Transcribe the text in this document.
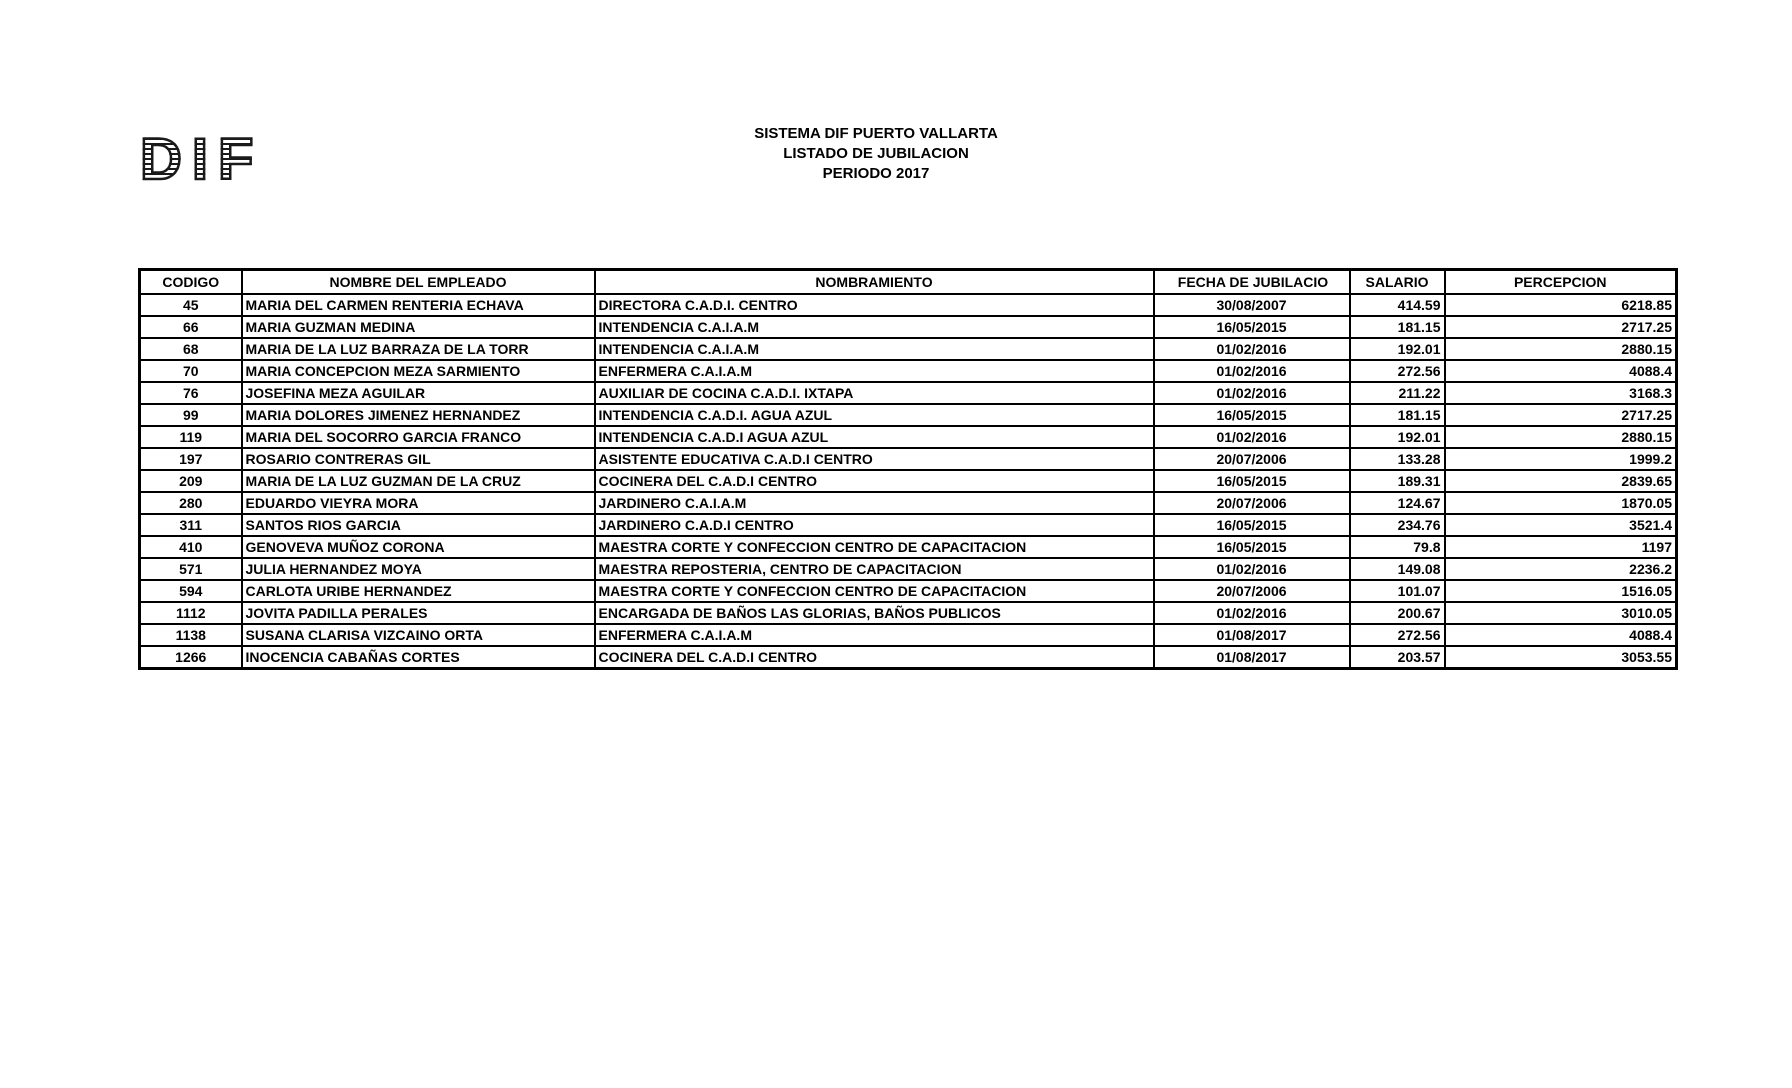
DIF	SISTEMA DIF PUERTO VALLARTA
LISTADO DE JUBILACION
PERIODO 2017
CODIGO	NOMBRE DEL EMPLEADO	NOMBRAMIENTO	FECHA DE JUBILACIO	SALARIO	PERCEPCION
45	MARIA DEL CARMEN RENTERIA ECHAVA	DIRECTORA C.A.D.I. CENTRO	30/08/2007	414.59	6218.85
66	MARIA GUZMAN MEDINA	INTENDENCIA C.A.I.A.M	16/05/2015	181.15	2717.25
68	MARIA DE LA LUZ BARRAZA DE LA TORR	INTENDENCIA C.A.I.A.M	01/02/2016	192.01	2880.15
70	MARIA CONCEPCION MEZA SARMIENTO	ENFERMERA C.A.I.A.M	01/02/2016	272.56	4088.4
76	JOSEFINA MEZA AGUILAR	AUXILIAR DE COCINA C.A.D.I. IXTAPA	01/02/2016	211.22	3168.3
99	MARIA DOLORES JIMENEZ HERNANDEZ	INTENDENCIA C.A.D.I. AGUA AZUL	16/05/2015	181.15	2717.25
119	MARIA DEL SOCORRO GARCIA FRANCO	INTENDENCIA C.A.D.I AGUA AZUL	01/02/2016	192.01	2880.15
197	ROSARIO CONTRERAS GIL	ASISTENTE EDUCATIVA C.A.D.I CENTRO	20/07/2006	133.28	1999.2
209	MARIA DE LA LUZ GUZMAN DE LA CRUZ	COCINERA DEL C.A.D.I CENTRO	16/05/2015	189.31	2839.65
280	EDUARDO VIEYRA MORA	JARDINERO C.A.I.A.M	20/07/2006	124.67	1870.05
311	SANTOS RIOS GARCIA	JARDINERO C.A.D.I CENTRO	16/05/2015	234.76	3521.4
410	GENOVEVA MUÑOZ CORONA	MAESTRA CORTE Y CONFECCION CENTRO DE CAPACITACION	16/05/2015	79.8	1197
571	JULIA HERNANDEZ MOYA	MAESTRA REPOSTERIA, CENTRO DE CAPACITACION	01/02/2016	149.08	2236.2
594	CARLOTA URIBE HERNANDEZ	MAESTRA CORTE Y CONFECCION CENTRO DE CAPACITACION	20/07/2006	101.07	1516.05
1112	JOVITA PADILLA PERALES	ENCARGADA DE BAÑOS LAS GLORIAS, BAÑOS PUBLICOS	01/02/2016	200.67	3010.05
1138	SUSANA CLARISA VIZCAINO ORTA	ENFERMERA C.A.I.A.M	01/08/2017	272.56	4088.4
1266	INOCENCIA CABAÑAS CORTES	COCINERA DEL C.A.D.I CENTRO	01/08/2017	203.57	3053.55
